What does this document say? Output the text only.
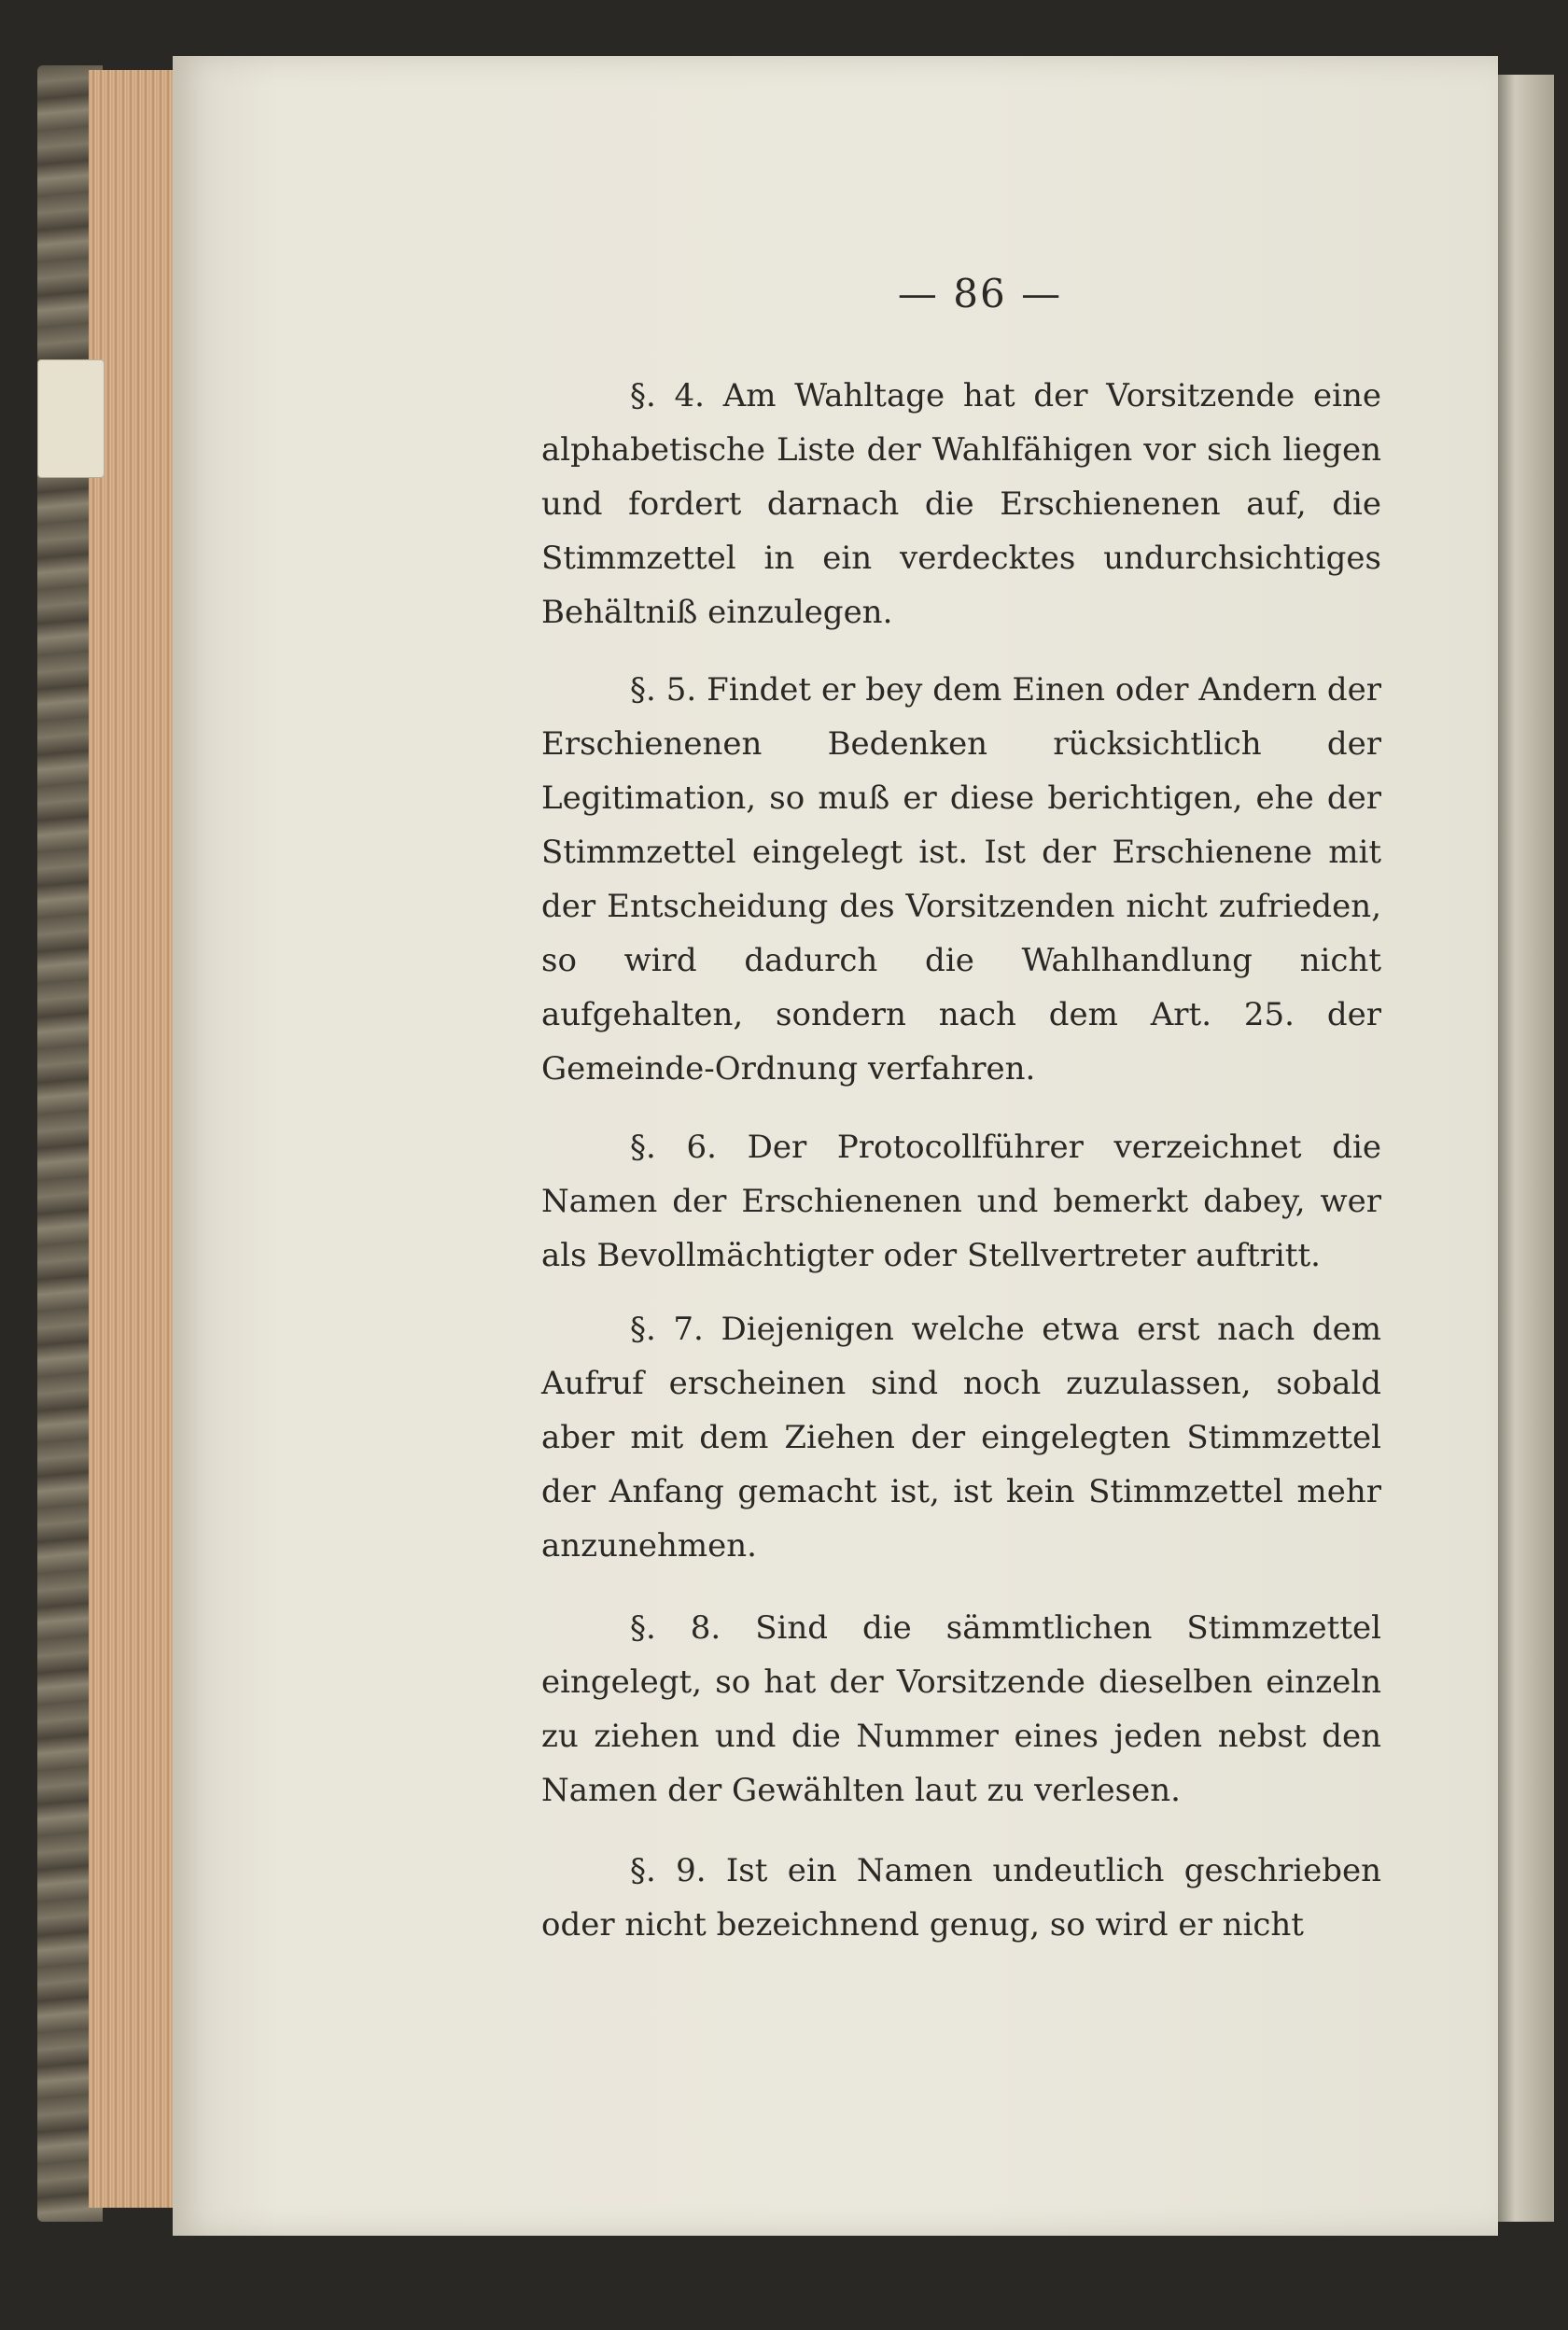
— 86 —
§. 4. Am Wahltage hat der Vorsitzende eine alphabetische Liste der Wahlfähigen vor sich liegen und fordert darnach die Erschienenen auf, die Stimmzettel in ein verdecktes undurchsichtiges Behältniß einzulegen.
§. 5. Findet er bey dem Einen oder Andern der Erschienenen Bedenken rücksichtlich der Legitimation, so muß er diese berichtigen, ehe der Stimmzettel eingelegt ist. Ist der Erschienene mit der Entscheidung des Vorsitzenden nicht zufrieden, so wird dadurch die Wahlhandlung nicht aufgehalten, sondern nach dem Art. 25. der Gemeinde-Ordnung verfahren.
§. 6. Der Protocollführer verzeichnet die Namen der Erschienenen und bemerkt dabey, wer als Bevollmächtigter oder Stellvertreter auftritt.
§. 7. Diejenigen welche etwa erst nach dem Aufruf erscheinen sind noch zuzulassen, sobald aber mit dem Ziehen der eingelegten Stimmzettel der Anfang gemacht ist, ist kein Stimmzettel mehr anzunehmen.
§. 8. Sind die sämmtlichen Stimmzettel eingelegt, so hat der Vorsitzende dieselben einzeln zu ziehen und die Nummer eines jeden nebst den Namen der Gewählten laut zu verlesen.
§. 9. Ist ein Namen undeutlich geschrieben oder nicht bezeichnend genug, so wird er nicht
